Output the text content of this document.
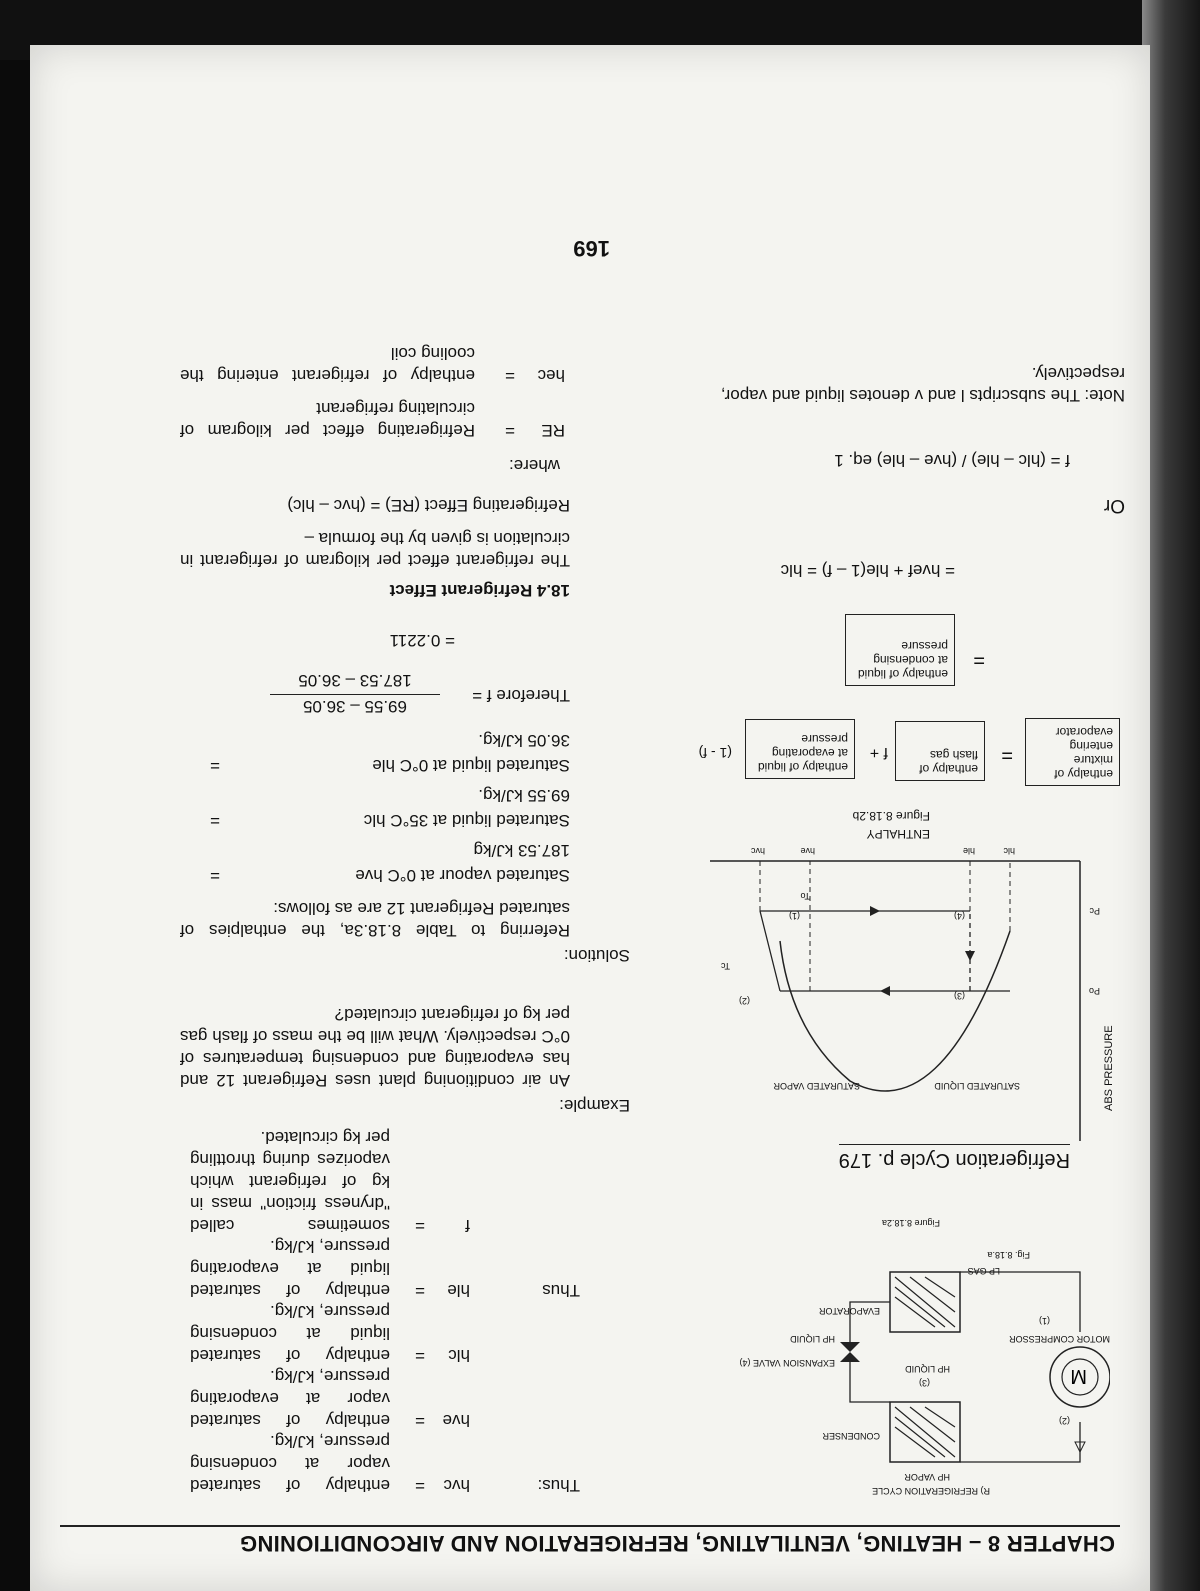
CHAPTER 8 – HEATING, VENTILATING, REFRIGERATION AND AIRCONDITIONING
R) REFRIGERATION CYCLE
M
HP VAPOR
CONDENSER
(2)
(3)
HP LIQUID
EXPANSION VALVE (4)
HP LIQUID	MOTOR COMPRESSOR
(1)
EVAPORATOR
LP GAS
Fig. 8.18.a
Figure 8.18.2a
Refrigeration Cycle p. 179
ABS PRESSURE
SATURATED LIQUID
SATURATED VAPOR
Po
Pc
(2)	(3)
(4)
(1)
Tc
To
hlc
hle
hve
hvc
ENTHALPY
Figure 8.18.2b
enthalpy of mixture entering evaporator
=
enthalpy of flash gas
f +
enthalpy of liquid at evaporating pressure
(1 - f)
=
enthalpy of liquid at condensing pressure
= hvef + hle(1 – f) = hlc
Or
f = (hlc – hle) / (hve – hle) eq. 1
Note: The subscripts l and v denotes liquid and vapor, respectively.
169
Thus:
hvc
=
enthalpy of saturated vapor at condensing pressure, kJ/kg.
hve
=
enthalpy of saturated vapor at evaporating pressure, kJ/kg.
hlc
=
enthalpy of saturated liquid at condensing pressure, kJ/kg.
Thus
hle
=
enthalpy of saturated liquid at evaporating pressure, kJ/kg.
f
=
sometimes called "dryness friction" mass in kg of refrigerant which vaporizes during throttling per kg circulated.
Example:
An air conditioning plant uses Refrigerant 12 and has evaporating and condensing temperatures of 0°C respectively. What will be the mass of flash gas per kg of refrigerant circulated?
Solution:
Referring to Table 8.18.3a, the enthalpies of saturated Refrigerant 12 are as follows:
Saturated vapour at 0°C hve
=
187.53 kJ/kg
Saturated liquid at 35°C hlc
=
69.55 kJ/kg.
Saturated liquid at 0°C hle
=
36.05 kJ/kg.
Therefore f =
69.55 – 36.05
187.53 – 36.05
= 0.2211
18.4 Refrigerant Effect
The refrigerant effect per kilogram of refrigerant in circulation is given by the formula –
Refrigerating Effect (RE) = (hvc – hlc)
where:
RE
=
Refrigerating effect per kilogram of circulating refrigerant
hec
=
enthalpy of refrigerant entering the cooling coil
